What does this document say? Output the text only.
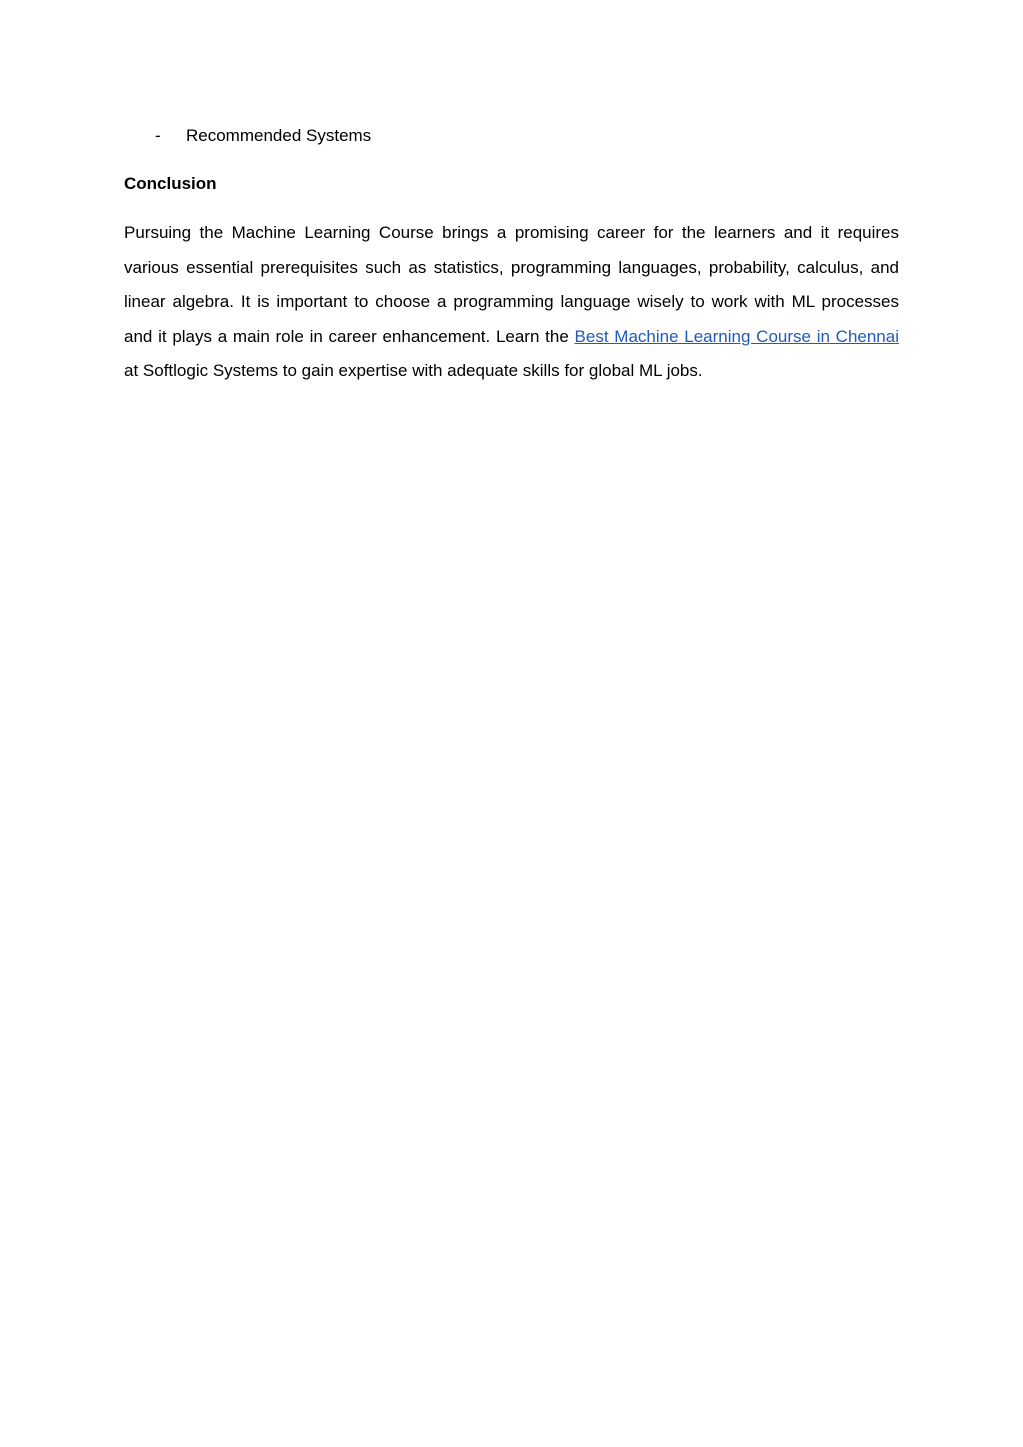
- Recommended Systems
Conclusion

Pursuing the Machine Learning Course brings a promising career for the learners and it requires various essential prerequisites such as statistics, programming languages, probability, calculus, and linear algebra. It is important to choose a programming language wisely to work with ML processes and it plays a main role in career enhancement. Learn the Best Machine Learning Course in Chennai at Softlogic Systems to gain expertise with adequate skills for global ML jobs.
